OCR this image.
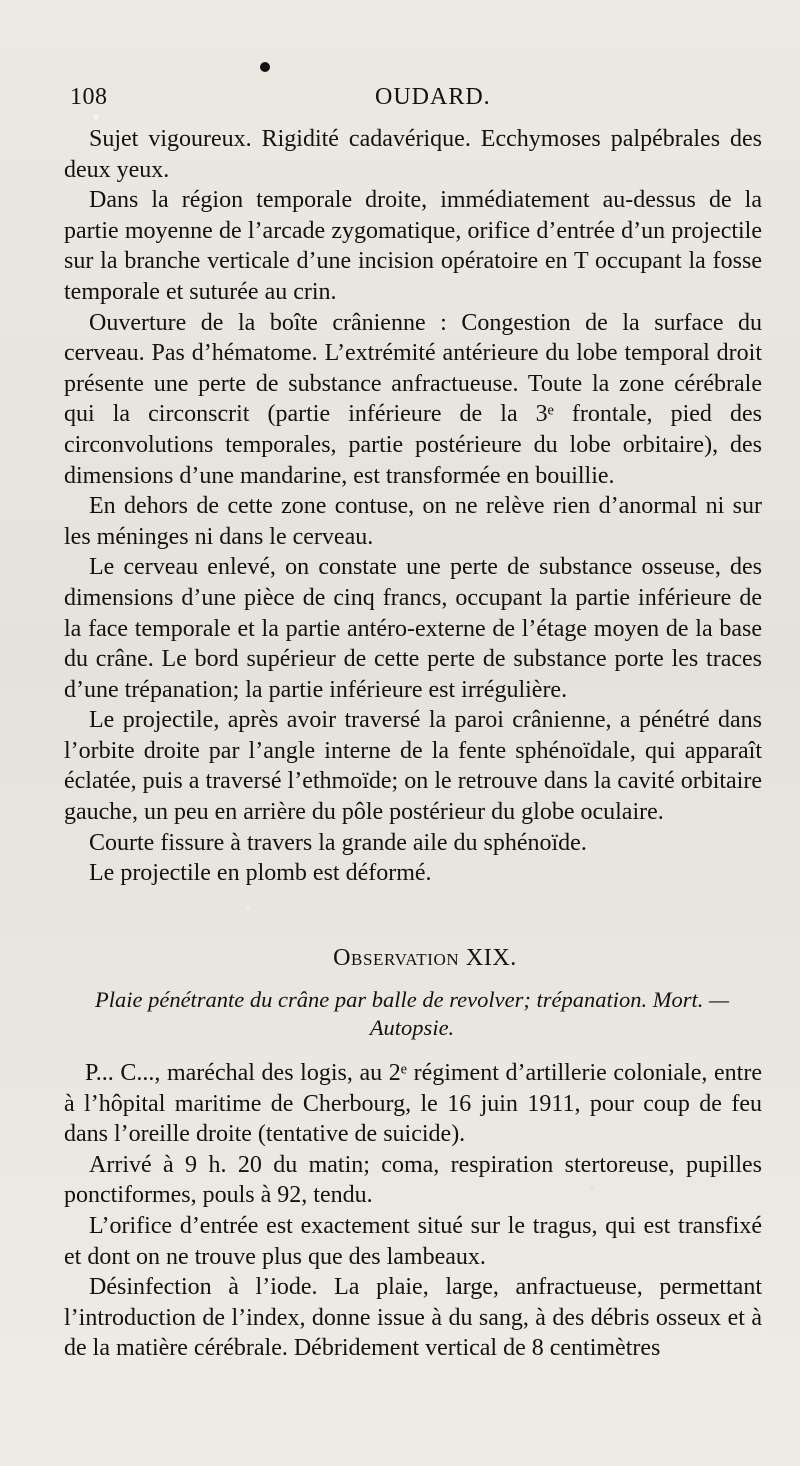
108	OUDARD.

Sujet vigoureux. Rigidité cadavérique. Ecchymoses palpébrales des deux yeux.

Dans la région temporale droite, immédiatement au-dessus de la partie moyenne de l’arcade zygomatique, orifice d’entrée d’un projectile sur la branche verticale d’une incision opératoire en T occupant la fosse temporale et suturée au crin.

Ouverture de la boîte crânienne : Congestion de la surface du cerveau. Pas d’hématome. L’extrémité antérieure du lobe temporal droit présente une perte de substance anfractueuse. Toute la zone cérébrale qui la circonscrit (partie inférieure de la 3ᵉ frontale, pied des circonvolutions temporales, partie postérieure du lobe orbitaire), des dimensions d’une mandarine, est transformée en bouillie.

En dehors de cette zone contuse, on ne relève rien d’anormal ni sur les méninges ni dans le cerveau.

Le cerveau enlevé, on constate une perte de substance osseuse, des dimensions d’une pièce de cinq francs, occupant la partie inférieure de la face temporale et la partie antéro-externe de l’étage moyen de la base du crâne. Le bord supérieur de cette perte de substance porte les traces d’une trépanation; la partie inférieure est irrégulière.

Le projectile, après avoir traversé la paroi crânienne, a pénétré dans l’orbite droite par l’angle interne de la fente sphénoïdale, qui apparaît éclatée, puis a traversé l’ethmoïde; on le retrouve dans la cavité orbitaire gauche, un peu en arrière du pôle postérieur du globe oculaire.

Courte fissure à travers la grande aile du sphénoïde.

Le projectile en plomb est déformé.

Observation XIX.

Plaie pénétrante du crâne par balle de revolver; trépanation. Mort. — Autopsie.

P... C..., maréchal des logis, au 2ᵉ régiment d’artillerie coloniale, entre à l’hôpital maritime de Cherbourg, le 16 juin 1911, pour coup de feu dans l’oreille droite (tentative de suicide).

Arrivé à 9 h. 20 du matin; coma, respiration stertoreuse, pupilles ponctiformes, pouls à 92, tendu.

L’orifice d’entrée est exactement situé sur le tragus, qui est transfixé et dont on ne trouve plus que des lambeaux.

Désinfection à l’iode. La plaie, large, anfractueuse, permettant l’introduction de l’index, donne issue à du sang, à des débris osseux et à de la matière cérébrale. Débridement vertical de 8 centimètres
